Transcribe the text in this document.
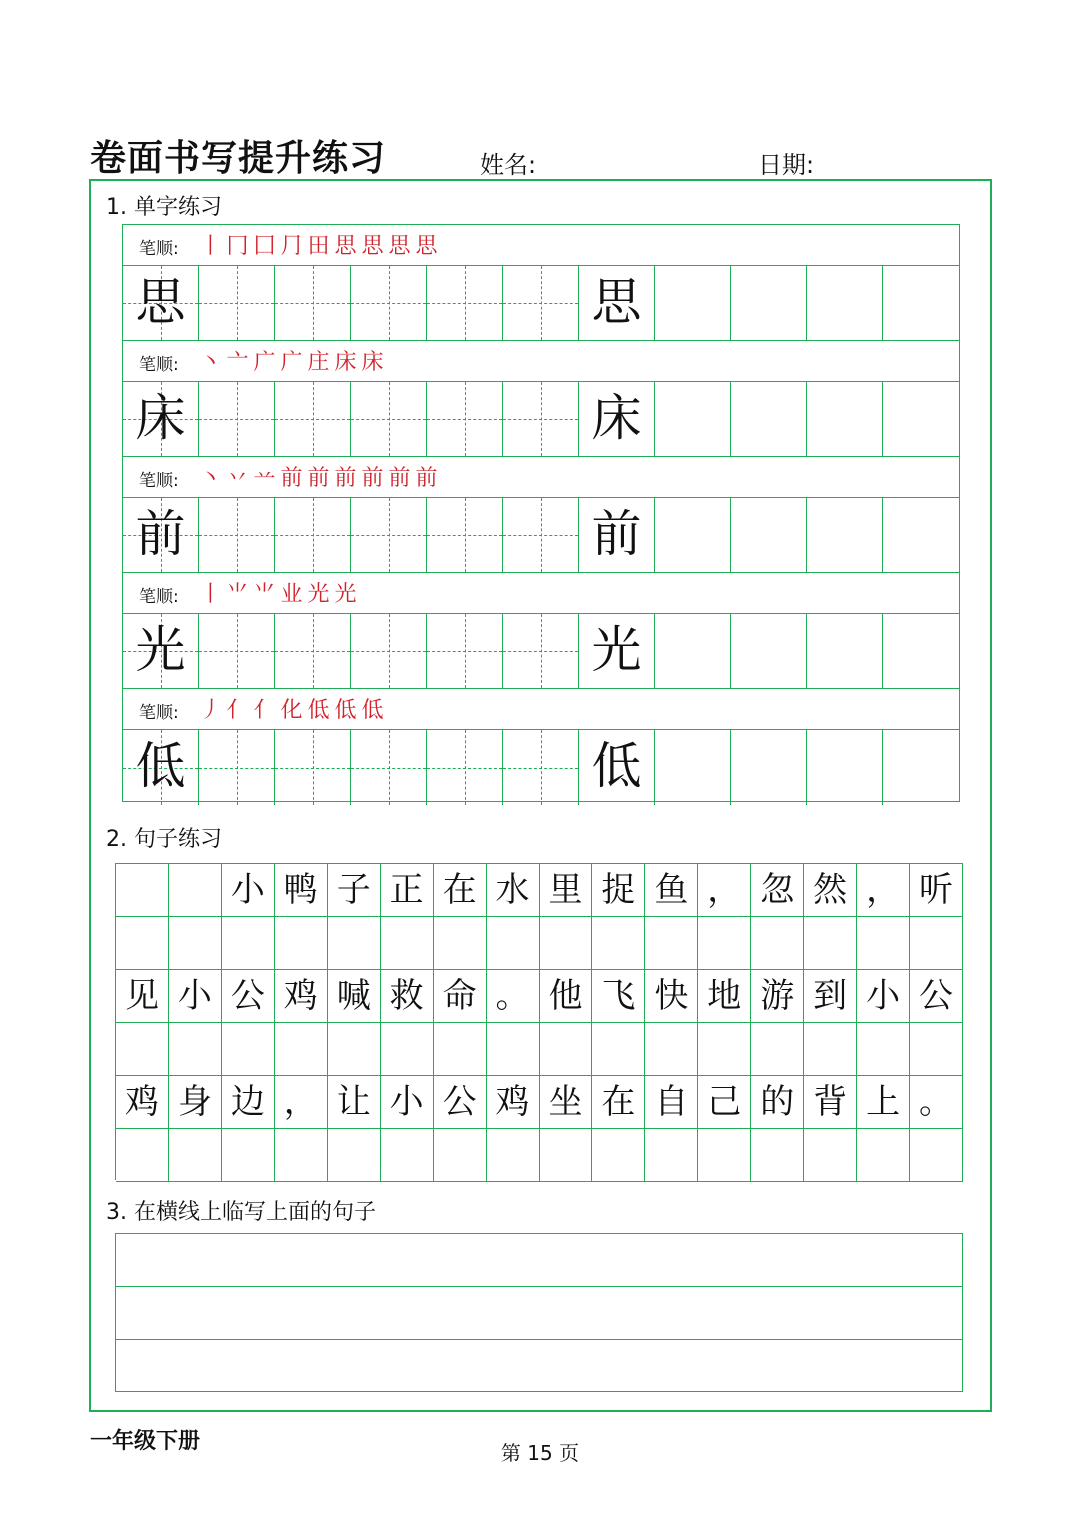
卷面书写提升练习	姓名:	日期:
1. 单字练习
笔顺: 丨 冂 囗 ⺆ 田 思 思 思 思
思	思
笔顺: 丶 亠 广 广 庄 床 床
床	床
笔顺: 丶 丷 䒑 前 前 前 前 前 前
前	前
笔顺: 丨 ⺌ ⺌ 业 光 光
光	光
笔顺: 丿 亻 亻 化 低 低 低
低	低
2. 句子练习
小 鸭 子 正 在 水 里 捉 鱼 ， 忽 然 ， 听
见 小 公 鸡 喊 救 命 。 他 飞 快 地 游 到 小 公
鸡 身 边 ， 让 小 公 鸡 坐 在 自 己 的 背 上 。
3. 在横线上临写上面的句子
一年级下册	第 15 页
